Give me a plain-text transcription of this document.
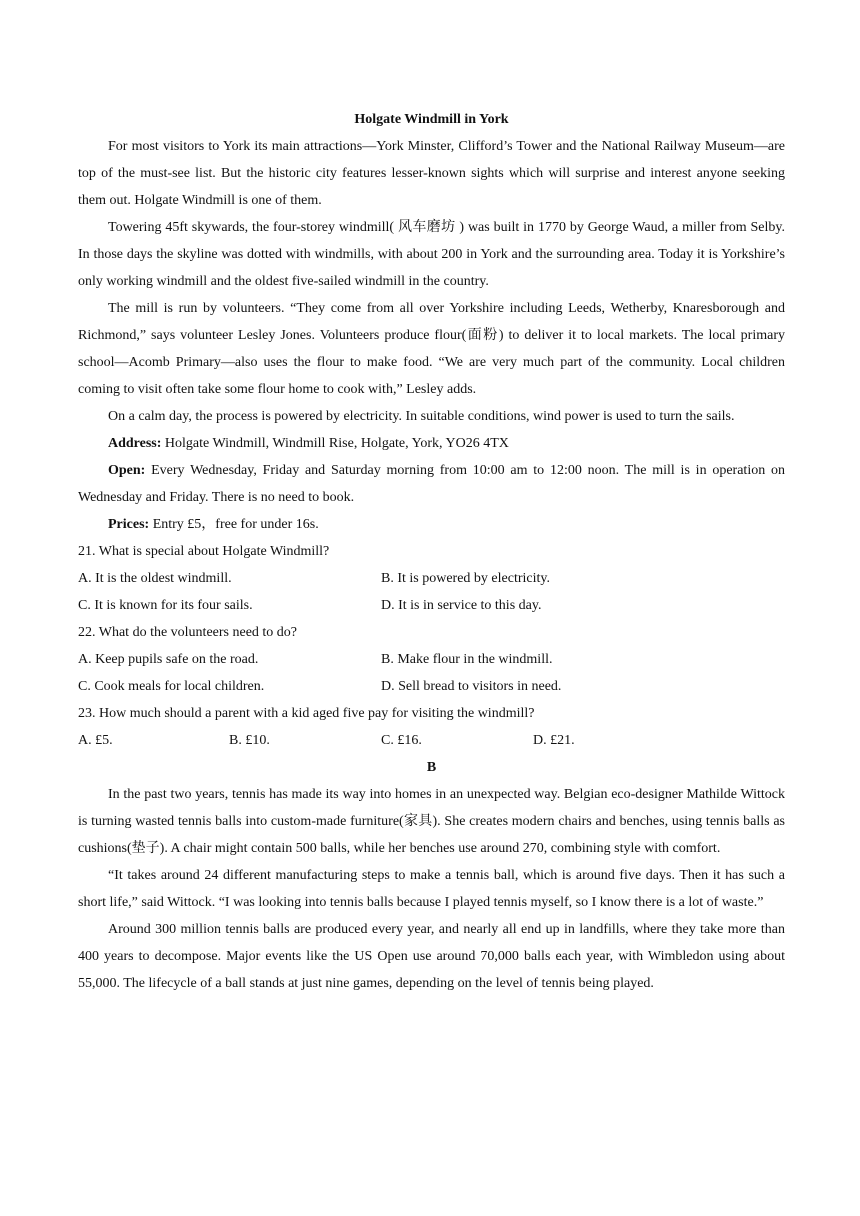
Holgate Windmill in York

For most visitors to York its main attractions—York Minster, Clifford’s Tower and the National Railway Museum—are top of the must-see list. But the historic city features lesser-known sights which will surprise and interest anyone seeking them out. Holgate Windmill is one of them.

Towering 45ft skywards, the four-storey windmill( 风车磨坊 ) was built in 1770 by George Waud, a miller from Selby. In those days the skyline was dotted with windmills, with about 200 in York and the surrounding area. Today it is Yorkshire’s only working windmill and the oldest five-sailed windmill in the country.

The mill is run by volunteers. “They come from all over Yorkshire including Leeds, Wetherby, Knaresborough and Richmond,” says volunteer Lesley Jones. Volunteers produce flour(面粉) to deliver it to local markets. The local primary school—Acomb Primary—also uses the flour to make food. “We are very much part of the community. Local children coming to visit often take some flour home to cook with,” Lesley adds.

On a calm day, the process is powered by electricity. In suitable conditions, wind power is used to turn the sails.

Address: Holgate Windmill, Windmill Rise, Holgate, York, YO26 4TX

Open: Every Wednesday, Friday and Saturday morning from 10:00 am to 12:00 noon. The mill is in operation on Wednesday and Friday. There is no need to book.

Prices: Entry £5，free for under 16s.

21. What is special about Holgate Windmill?
A. It is the oldest windmill.	B. It is powered by electricity.
C. It is known for its four sails.	D. It is in service to this day.
22. What do the volunteers need to do?
A. Keep pupils safe on the road.	B. Make flour in the windmill.
C. Cook meals for local children.	D. Sell bread to visitors in need.
23. How much should a parent with a kid aged five pay for visiting the windmill?
A. £5.	B. £10.	C. £16.	D. £21.
B

In the past two years, tennis has made its way into homes in an unexpected way. Belgian eco-designer Mathilde Wittock is turning wasted tennis balls into custom-made furniture(家具). She creates modern chairs and benches, using tennis balls as cushions(垫子). A chair might contain 500 balls, while her benches use around 270, combining style with comfort.

“It takes around 24 different manufacturing steps to make a tennis ball, which is around five days. Then it has such a short life,” said Wittock. “I was looking into tennis balls because I played tennis myself, so I know there is a lot of waste.”

Around 300 million tennis balls are produced every year, and nearly all end up in landfills, where they take more than 400 years to decompose. Major events like the US Open use around 70,000 balls each year, with Wimbledon using about 55,000. The lifecycle of a ball stands at just nine games, depending on the level of tennis being played.
